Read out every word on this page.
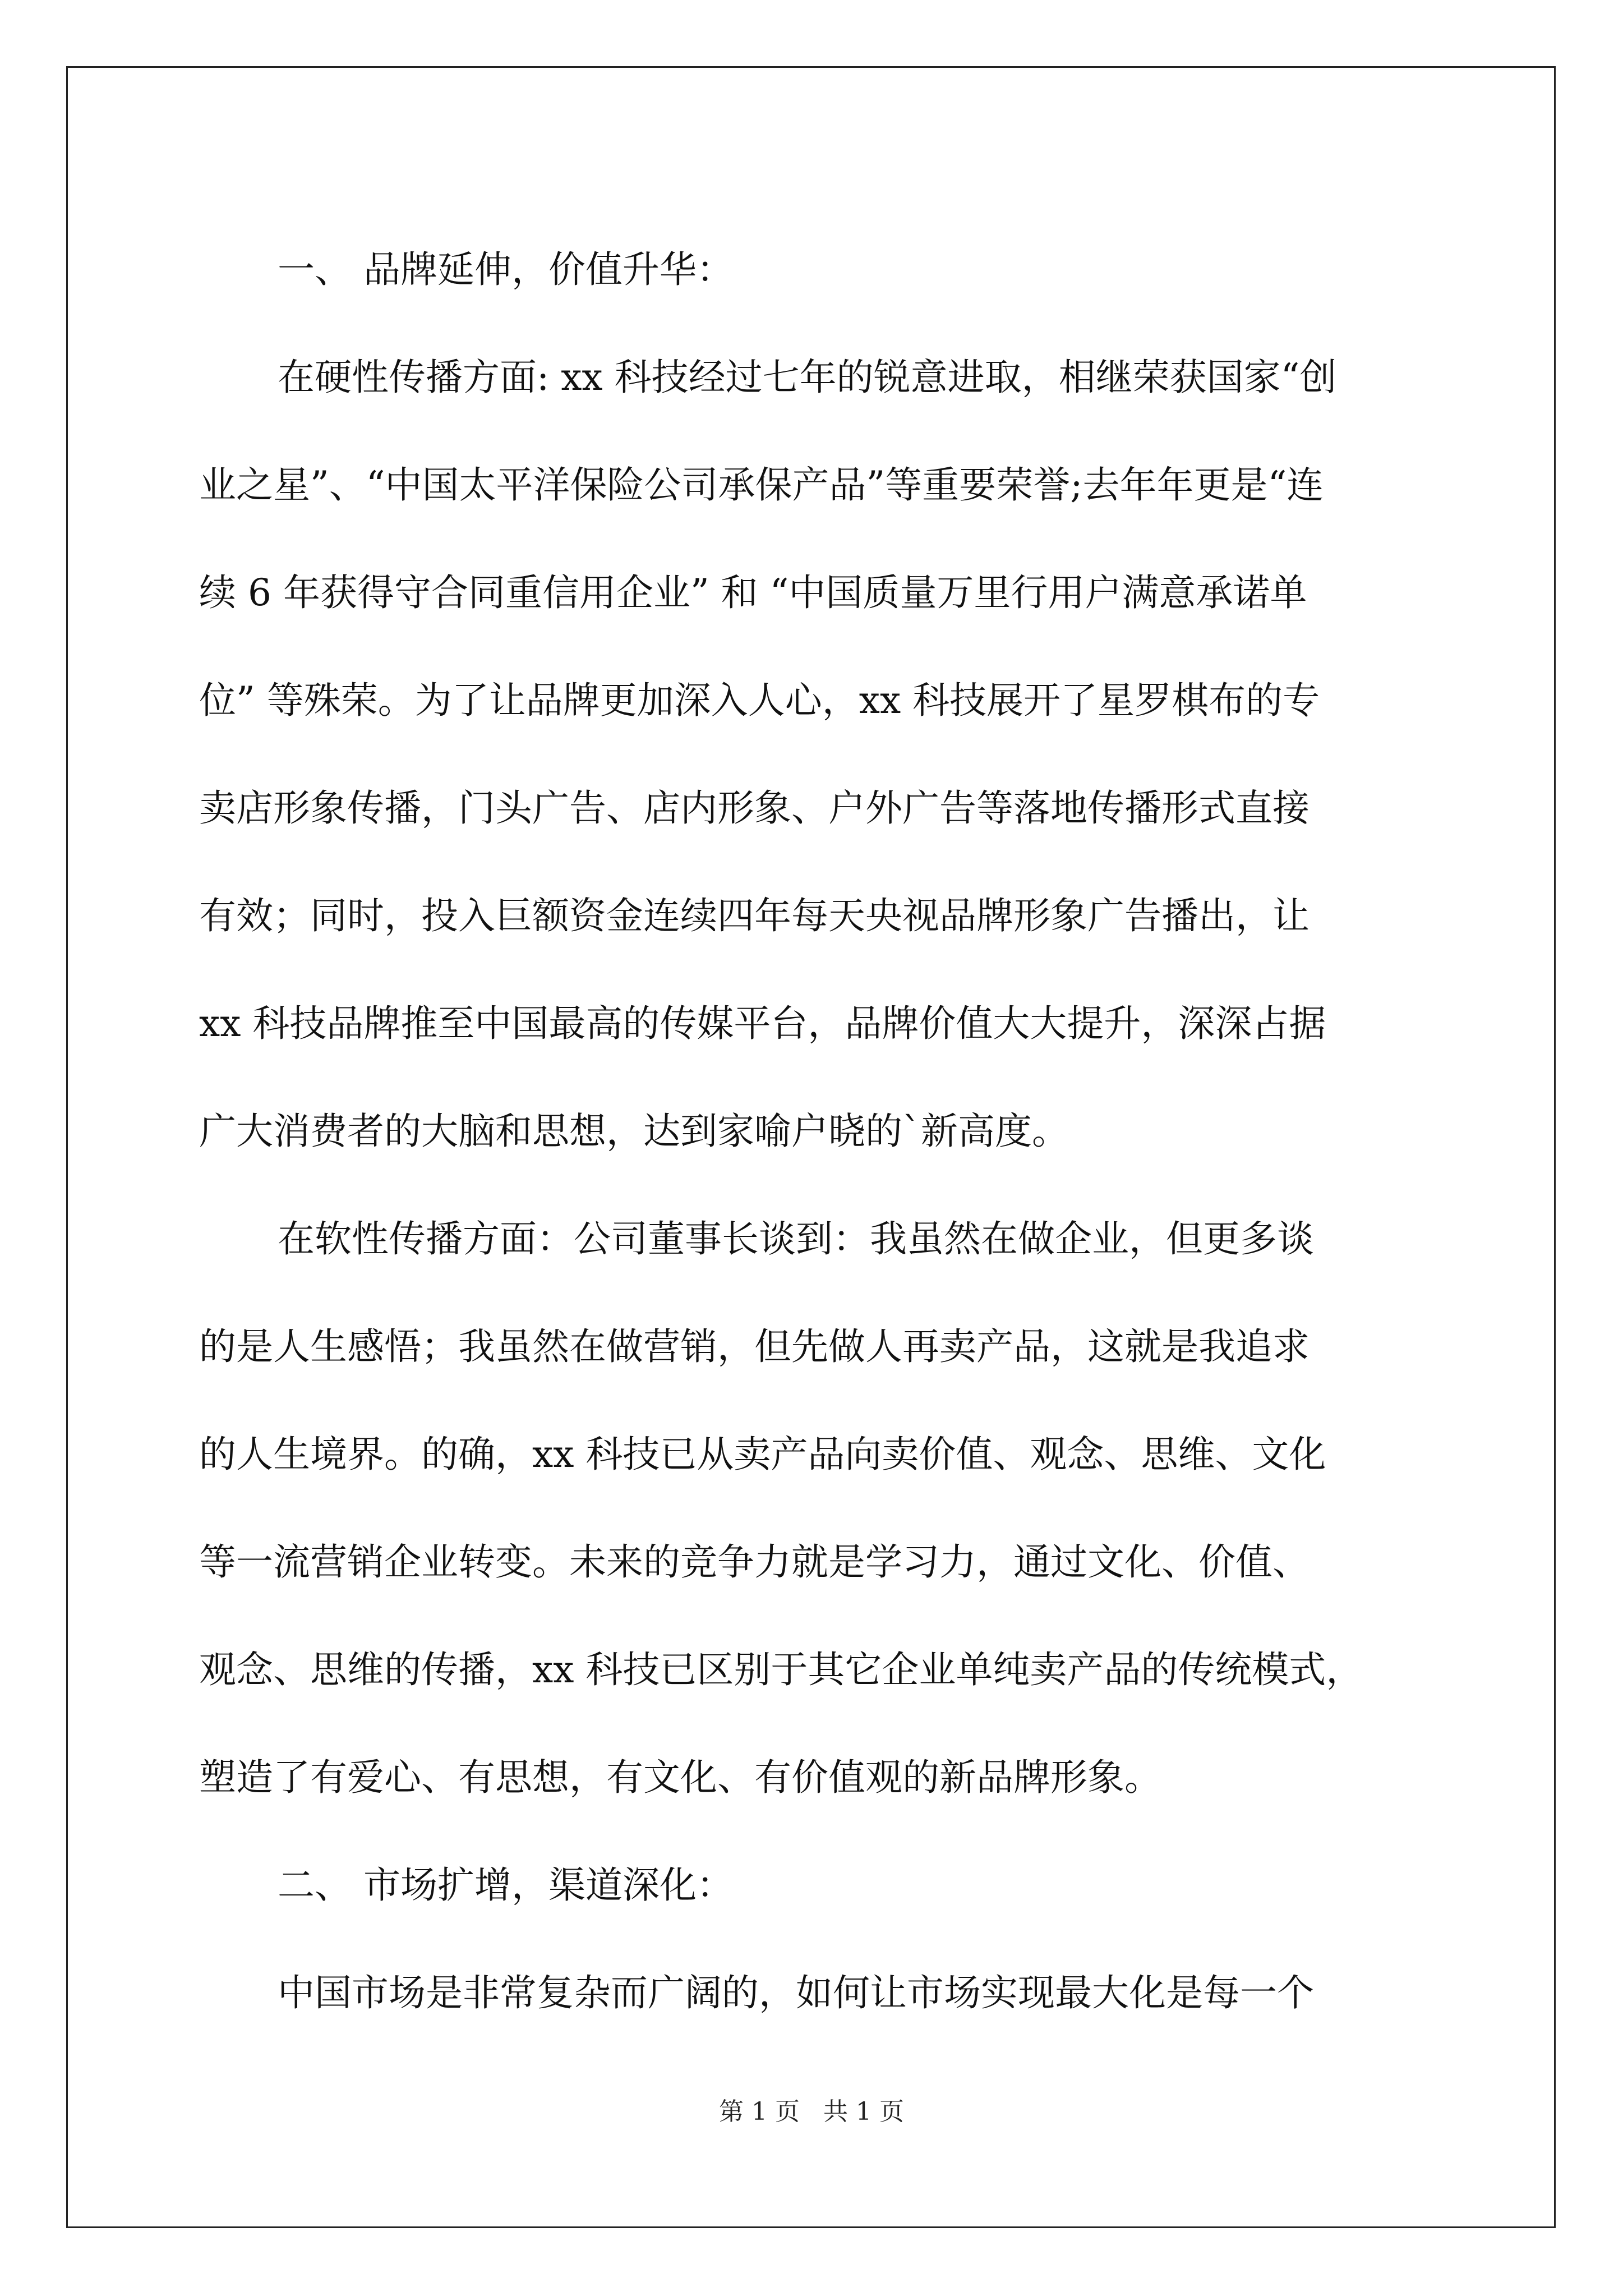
一、 品牌延伸，价值升华：
在硬性传播方面: xx 科技经过七年的锐意进取，相继荣获国家“创
业之星”、“中国太平洋保险公司承保产品”等重要荣誉;去年年更是“连
续 6 年获得守合同重信用企业” 和 “中国质量万里行用户满意承诺单
位” 等殊荣。为了让品牌更加深入人心，xx 科技展开了星罗棋布的专
卖店形象传播，门头广告、店内形象、户外广告等落地传播形式直接
有效；同时，投入巨额资金连续四年每天央视品牌形象广告播出，让
xx 科技品牌推至中国最高的传媒平台，品牌价值大大提升，深深占据
广大消费者的大脑和思想，达到家喻户晓的`新高度。
在软性传播方面：公司董事长谈到：我虽然在做企业，但更多谈
的是人生感悟；我虽然在做营销，但先做人再卖产品，这就是我追求
的人生境界。的确，xx 科技已从卖产品向卖价值、观念、思维、文化
等一流营销企业转变。未来的竞争力就是学习力，通过文化、价值、
观念、思维的传播，xx 科技已区别于其它企业单纯卖产品的传统模式，
塑造了有爱心、有思想，有文化、有价值观的新品牌形象。
二、 市场扩增，渠道深化：
中国市场是非常复杂而广阔的，如何让市场实现最大化是每一个
第 1 页 共 1 页
